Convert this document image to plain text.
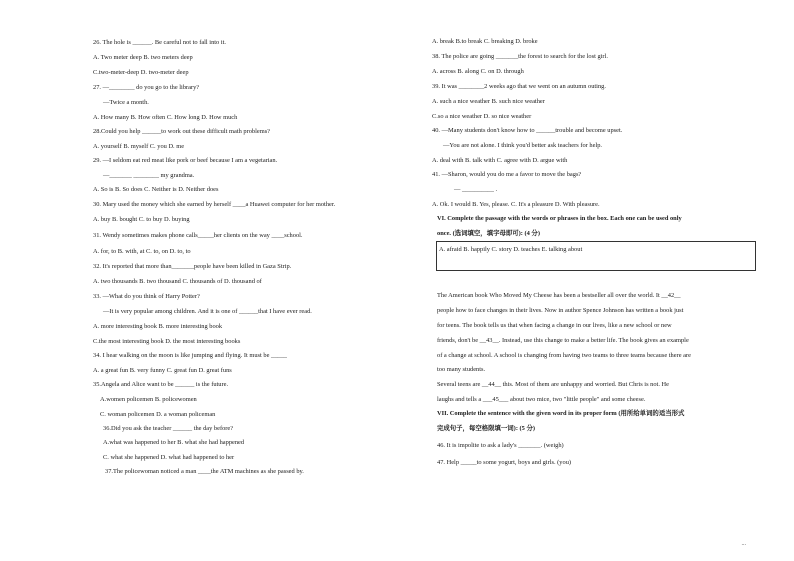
26. The hole is ______. Be careful not to fall into it.
A. Two meter deep B. two meters deep
C.two-meter-deep D. two-meter deep
27. —________ do you go to the library?
—Twice a month.
A. How many B. How often C. How long D. How much
28.Could you help ______to work out these difficult math problems?
A. yourself B. myself C. you D. me
29. —I seldom eat red meat like pork or beef because I am a vegetarian.
—_______ ________ my grandma.
A. So is B. So does C. Neither is D. Neither does
30. Mary used the money which she earned by herself ____a Huawei computer for her mother.
A. buy B. bought C. to buy D. buying
31. Wendy sometimes makes phone calls_____her clients on the way ____school.
A. for, to B. with, at C. to, on D. to, to
32. It's reported that more than_______people have been killed in Gaza Strip.
A. two thousands B. two thousand C. thousands of D. thousand of
33. —What do you think of Harry Potter?
—It is very popular among children. And it is one of ______that I have ever read.
A. more interesting book B. more interesting book
C.the most interesting book D. the most interesting books
34. I hear walking on the moon is like jumping and flying. It must be _____
A. a great fun B. very funny C. great fun D. great funs
35.Angela and Alice want to be ______ is the future.
A.women policemen B. policewomen
C. woman policemen D. a woman policeman
36.Did you ask the teacher ______ the day before?
A.what was happened to her B. what she had happened
C. what she happened D. what had happened to her
37.The policewoman noticed a man ____the ATM machines as she passed by.
A. break B.to break C. breaking D. broke
38. The police are going _______the forest to search for the lost girl.
A. across B. along C. on D. through
39. It was ________2 weeks ago that we went on an autumn outing.
A. such a nice weather B. such nice weather
C.so a nice weather D. so nice weather
40. —Many students don't know how to ______trouble and become upset.
—You are not alone. I think you'd better ask teachers for help.
A. deal with B. talk with C. agree with D. argue with
41. —Sharon, would you do me a favor to move the bags?
— __________ .
A. Ok. I would B. Yes, please. C. It's a pleasure D. With pleasure.
VI. Complete the passage with the words or phrases in the box. Each one can be used only
once. (选词填空，填字母即可): (4 分)
The American book Who Moved My Cheese has been a bestseller all over the world. It __42__
people how to face changes in their lives. Now in author Spence Johnson has written a book just
for teens. The book tells us that when facing a change in our lives, like a new school or new
friends, don't be __43__. Instead, use this change to make a better life. The book gives an example
of a change at school. A school is changing from having two teams to three teams because there are
too many students.
Several teens are __44__ this. Most of them are unhappy and worried. But Chris is not. He
laughs and tells a ___45___ about two mice, two "little people" and some cheese.
VII. Complete the sentence with the given word in its proper form (用所给单词的适当形式
完成句子，每空格限填一词): (5 分)
46. It is impolite to ask a lady's _______. (weigh)
47. Help _____to some yogurt, boys and girls. (you)
A. afraid B. happily C. story D. teaches E. talking about
...
